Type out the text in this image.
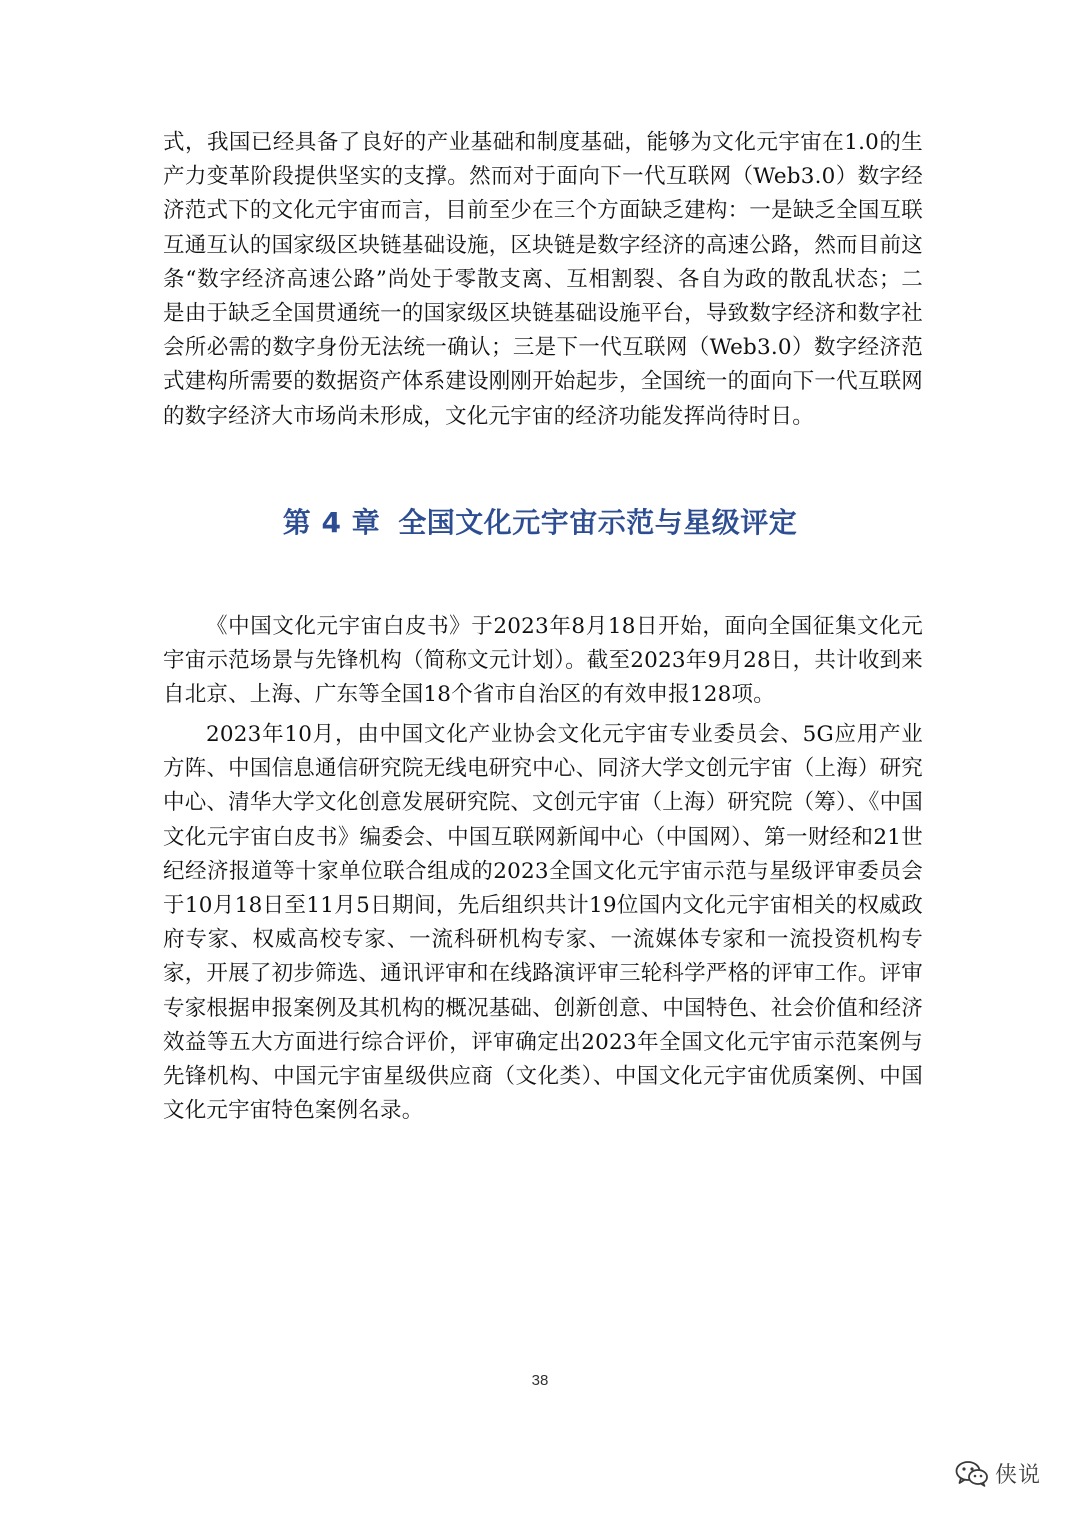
式，我国已经具备了良好的产业基础和制度基础，能够为文化元宇宙在1.0的生产力变革阶段提供坚实的支撑。然而对于面向下一代互联网（Web3.0）数字经济范式下的文化元宇宙而言，目前至少在三个方面缺乏建构：一是缺乏全国互联互通互认的国家级区块链基础设施，区块链是数字经济的高速公路，然而目前这条“数字经济高速公路”尚处于零散支离、互相割裂、各自为政的散乱状态；二是由于缺乏全国贯通统一的国家级区块链基础设施平台，导致数字经济和数字社会所必需的数字身份无法统一确认；三是下一代互联网（Web3.0）数字经济范式建构所需要的数据资产体系建设刚刚开始起步，全国统一的面向下一代互联网的数字经济大市场尚未形成，文化元宇宙的经济功能发挥尚待时日。

第 4 章 全国文化元宇宙示范与星级评定

《中国文化元宇宙白皮书》于2023年8月18日开始，面向全国征集文化元宇宙示范场景与先锋机构（简称文元计划）。截至2023年9月28日，共计收到来自北京、上海、广东等全国18个省市自治区的有效申报128项。

2023年10月，由中国文化产业协会文化元宇宙专业委员会、5G应用产业方阵、中国信息通信研究院无线电研究中心、同济大学文创元宇宙（上海）研究中心、清华大学文化创意发展研究院、文创元宇宙（上海）研究院（筹）、《中国文化元宇宙白皮书》编委会、中国互联网新闻中心（中国网）、第一财经和21世纪经济报道等十家单位联合组成的2023全国文化元宇宙示范与星级评审委员会于10月18日至11月5日期间，先后组织共计19位国内文化元宇宙相关的权威政府专家、权威高校专家、一流科研机构专家、一流媒体专家和一流投资机构专家，开展了初步筛选、通讯评审和在线路演评审三轮科学严格的评审工作。评审专家根据申报案例及其机构的概况基础、创新创意、中国特色、社会价值和经济效益等五大方面进行综合评价，评审确定出2023年全国文化元宇宙示范案例与先锋机构、中国元宇宙星级供应商（文化类）、中国文化元宇宙优质案例、中国文化元宇宙特色案例名录。

38
侠说
